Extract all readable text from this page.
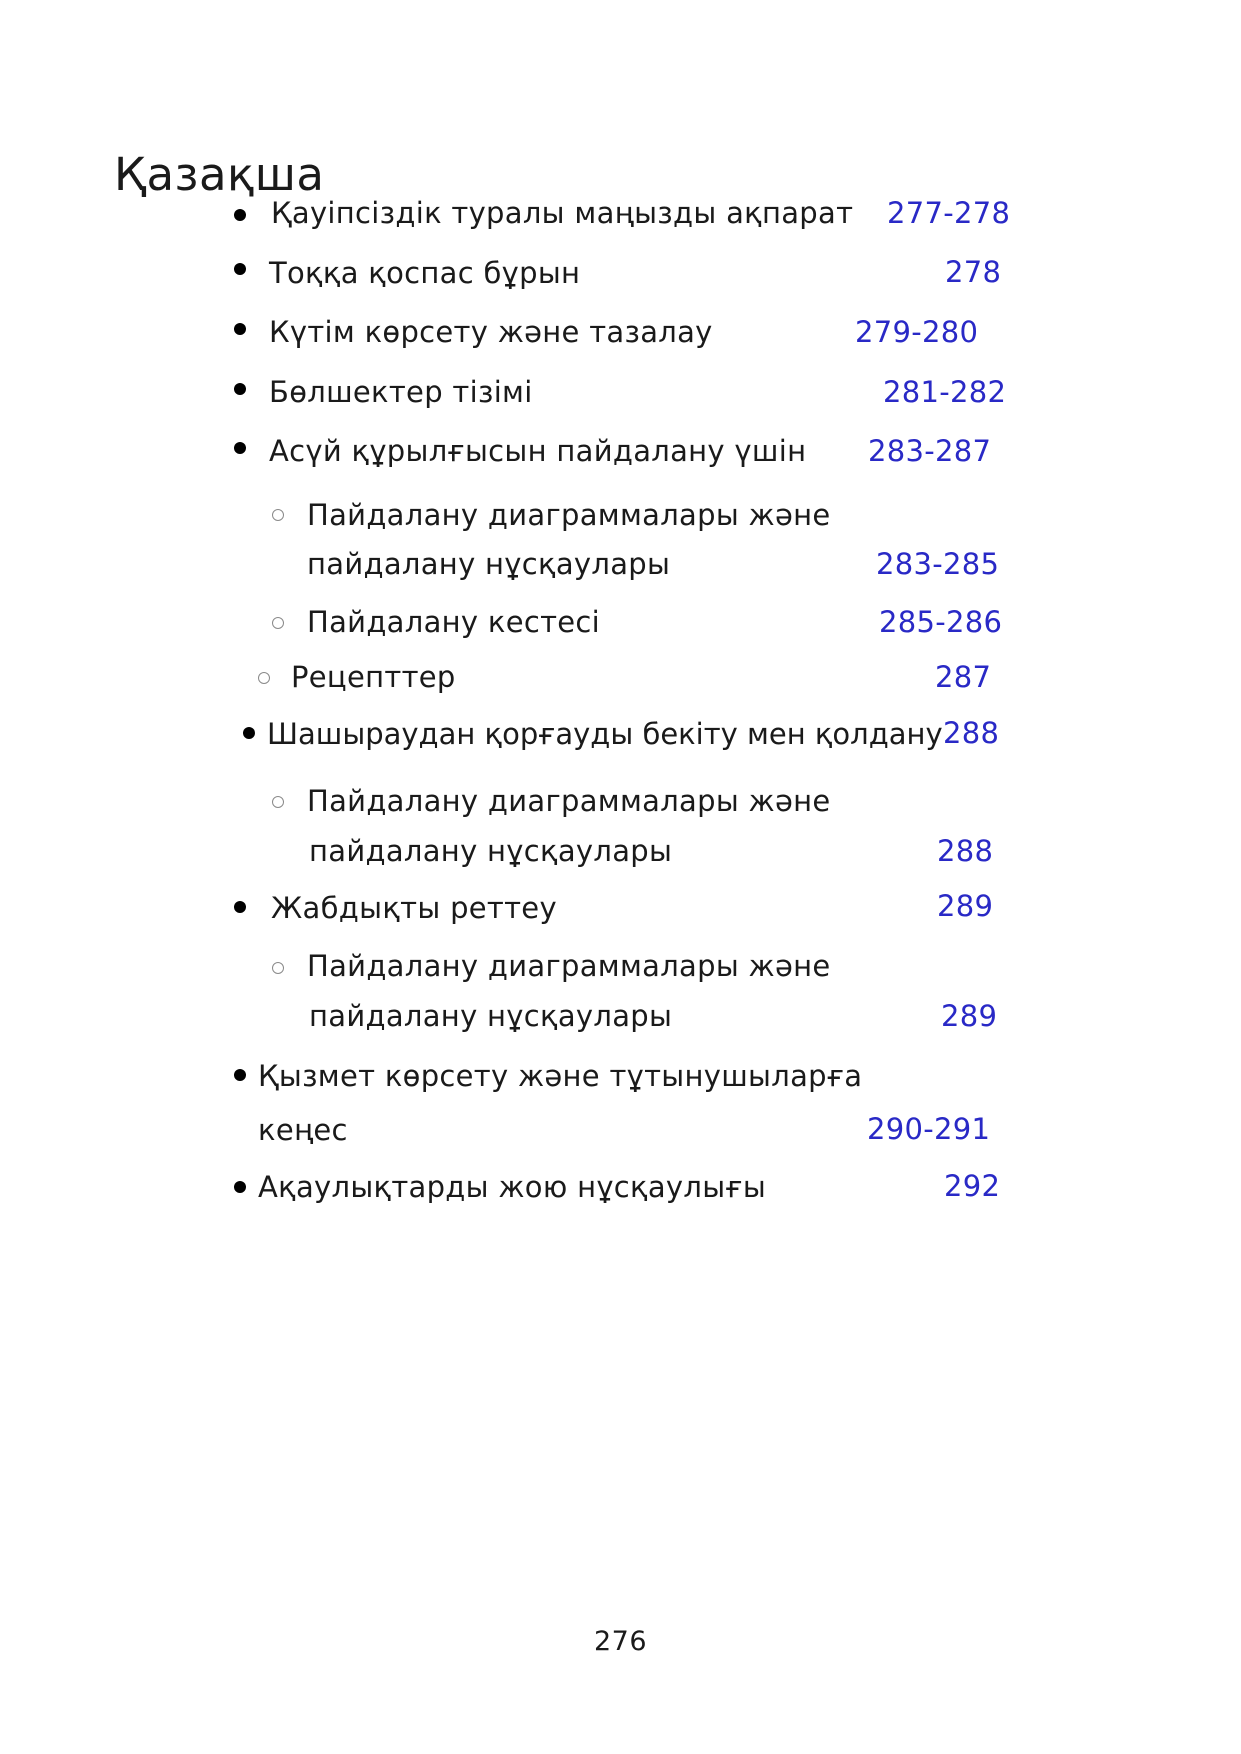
Қазақша
Қауіпсіздік туралы маңызды ақпарат 277-278
Тоққа қоспас бұрын	278
Күтім көрсету және тазалау	279-280
Бөлшектер тізімі	281-282
Асүй құрылғысын пайдалану үшін 283-287
Пайдалану диаграммалары және
пайдалану нұсқаулары	283-285
Пайдалану кестесі	285-286
Рецепттер	287
Шашыраудан қорғауды бекіту мен қолдану 288
Пайдалану диаграммалары және
пайдалану нұсқаулары	288
Жабдықты реттеу	289
Пайдалану диаграммалары және
пайдалану нұсқаулары	289
Қызмет көрсету және тұтынушыларға
кеңес	290-291
Ақаулықтарды жою нұсқаулығы	292
276
